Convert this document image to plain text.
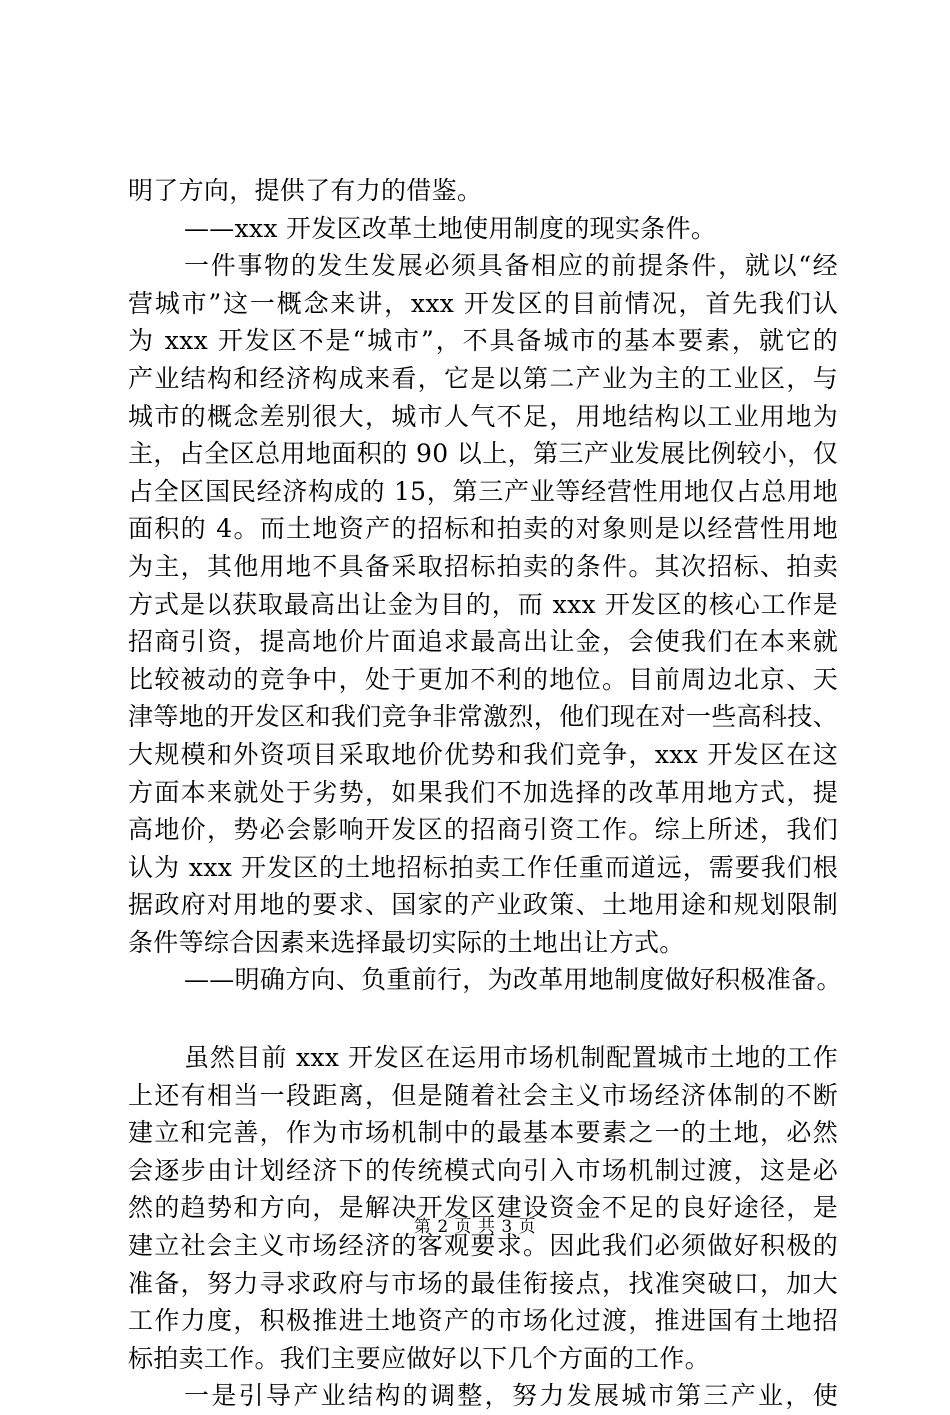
明了方向，提供了有力的借鉴。
——xxx 开发区改革土地使用制度的现实条件。
一件事物的发生发展必须具备相应的前提条件，就以“经
营城市”这一概念来讲，xxx 开发区的目前情况，首先我们认
为 xxx 开发区不是“城市”，不具备城市的基本要素，就它的
产业结构和经济构成来看，它是以第二产业为主的工业区，与
城市的概念差别很大，城市人气不足，用地结构以工业用地为
主，占全区总用地面积的 90 以上，第三产业发展比例较小，仅
占全区国民经济构成的 15，第三产业等经营性用地仅占总用地
面积的 4。而土地资产的招标和拍卖的对象则是以经营性用地
为主，其他用地不具备采取招标拍卖的条件。其次招标、拍卖
方式是以获取最高出让金为目的，而 xxx 开发区的核心工作是
招商引资，提高地价片面追求最高出让金，会使我们在本来就
比较被动的竞争中，处于更加不利的地位。目前周边北京、天
津等地的开发区和我们竞争非常激烈，他们现在对一些高科技、
大规模和外资项目采取地价优势和我们竞争，xxx 开发区在这
方面本来就处于劣势，如果我们不加选择的改革用地方式，提
高地价，势必会影响开发区的招商引资工作。综上所述，我们
认为 xxx 开发区的土地招标拍卖工作任重而道远，需要我们根
据政府对用地的要求、国家的产业政策、土地用途和规划限制
条件等综合因素来选择最切实际的土地出让方式。
——明确方向、负重前行，为改革用地制度做好积极准备。
虽然目前 xxx 开发区在运用市场机制配置城市土地的工作
上还有相当一段距离，但是随着社会主义市场经济体制的不断
建立和完善，作为市场机制中的最基本要素之一的土地，必然
会逐步由计划经济下的传统模式向引入市场机制过渡，这是必
然的趋势和方向，是解决开发区建设资金不足的良好途径，是
建立社会主义市场经济的客观要求。因此我们必须做好积极的
准备，努力寻求政府与市场的最佳衔接点，找准突破口，加大
工作力度，积极推进土地资产的市场化过渡，推进国有土地招
标拍卖工作。我们主要应做好以下几个方面的工作。
一是引导产业结构的调整，努力发展城市第三产业，使
第 2 页 共 3 页
